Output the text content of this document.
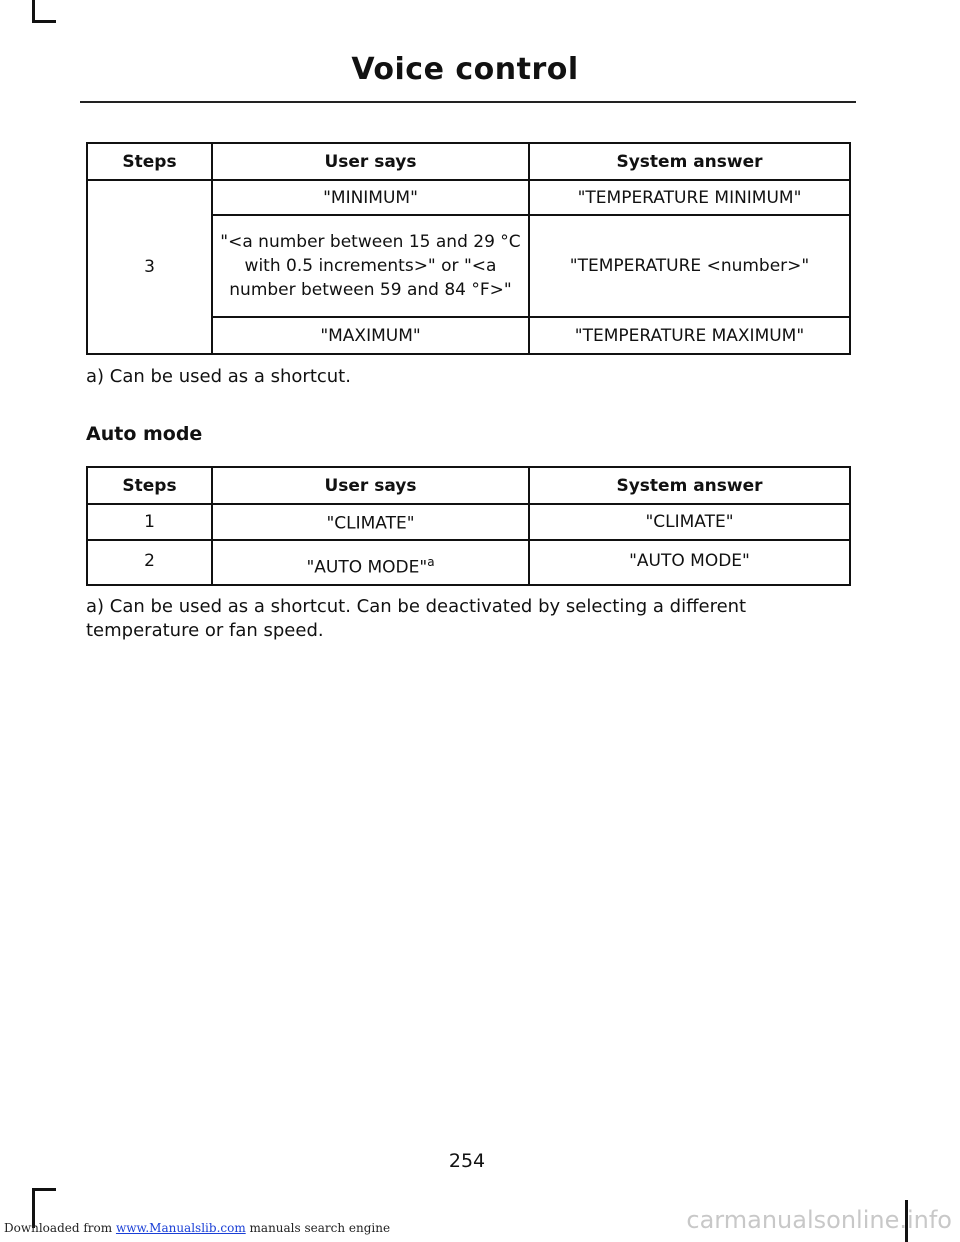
Voice control
Steps	User says	System answer
3	"MINIMUM"	"TEMPERATURE MINIMUM"
	"<a number between 15 and 29 °C with 0.5 increments>" or "<a number between 59 and 84 °F>"	"TEMPERATURE <number>"
	"MAXIMUM"	"TEMPERATURE MAXIMUM"
a) Can be used as a shortcut.
Auto mode
Steps	User says	System answer
1	"CLIMATE"	"CLIMATE"
2	"AUTO MODE"$^a$	"AUTO MODE"
a) Can be used as a shortcut. Can be deactivated by selecting a different temperature or fan speed.
254
Downloaded from www.Manualslib.com manuals search engine	carmanualsonline.info
